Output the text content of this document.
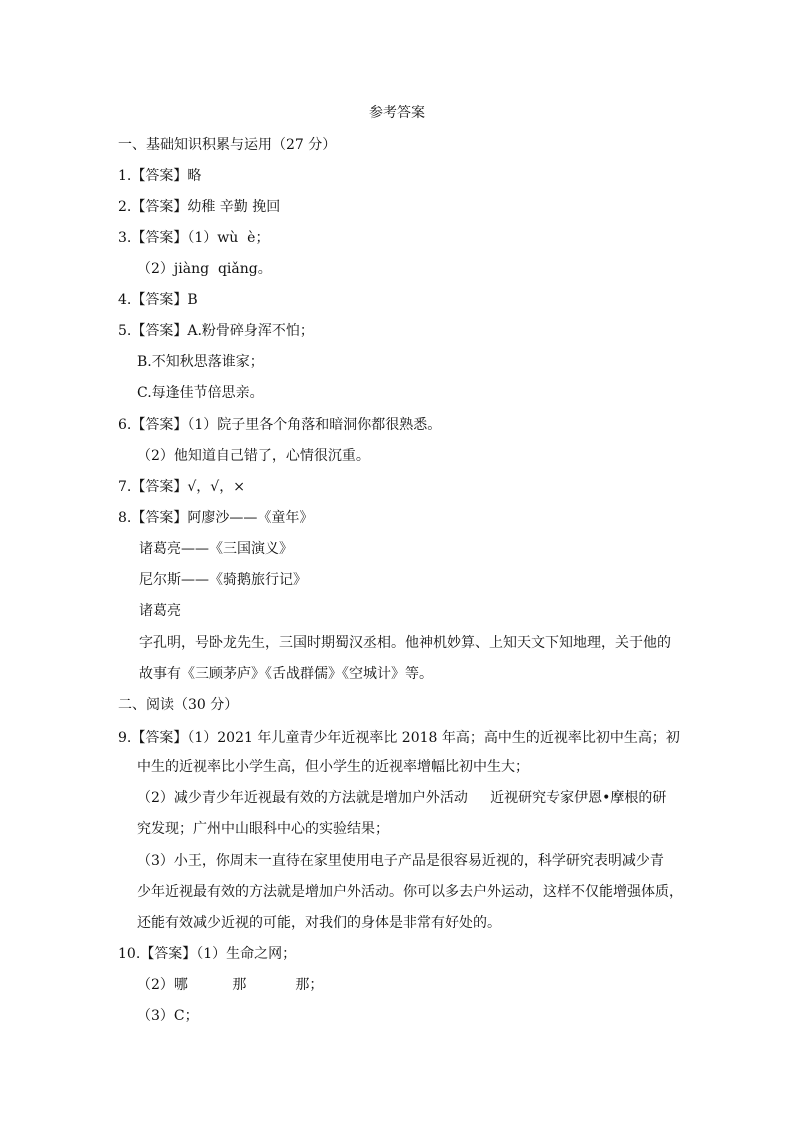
参考答案
一、基础知识积累与运用（27 分）
1.【答案】略
2.【答案】幼稚 辛勤 挽回
3.【答案】（1）wù  è；
（2）jiàng  qiǎng。
4.【答案】B
5.【答案】A.粉骨碎身浑不怕；
B.不知秋思落谁家；
C.每逢佳节倍思亲。
6.【答案】（1）院子里各个角落和暗洞你都很熟悉。
（2）他知道自己错了，心情很沉重。
7.【答案】√，√，×
8.【答案】阿廖沙——《童年》
诸葛亮——《三国演义》
尼尔斯——《骑鹅旅行记》
诸葛亮
字孔明，号卧龙先生，三国时期蜀汉丞相。他神机妙算、上知天文下知地理，关于他的
故事有《三顾茅庐》《舌战群儒》《空城计》等。
二、阅读（30 分）
9.【答案】（1）2021 年儿童青少年近视率比 2018 年高；高中生的近视率比初中生高；初
中生的近视率比小学生高，但小学生的近视率增幅比初中生大；
（2）减少青少年近视最有效的方法就是增加户外活动     近视研究专家伊恩•摩根的研
究发现；广州中山眼科中心的实验结果；
（3）小王，你周末一直待在家里使用电子产品是很容易近视的，科学研究表明减少青
少年近视最有效的方法就是增加户外活动。你可以多去户外运动，这样不仅能增强体质，
还能有效减少近视的可能，对我们的身体是非常有好处的。
10.【答案】（1）生命之网；
（2）哪          那           那；
（3）C；
